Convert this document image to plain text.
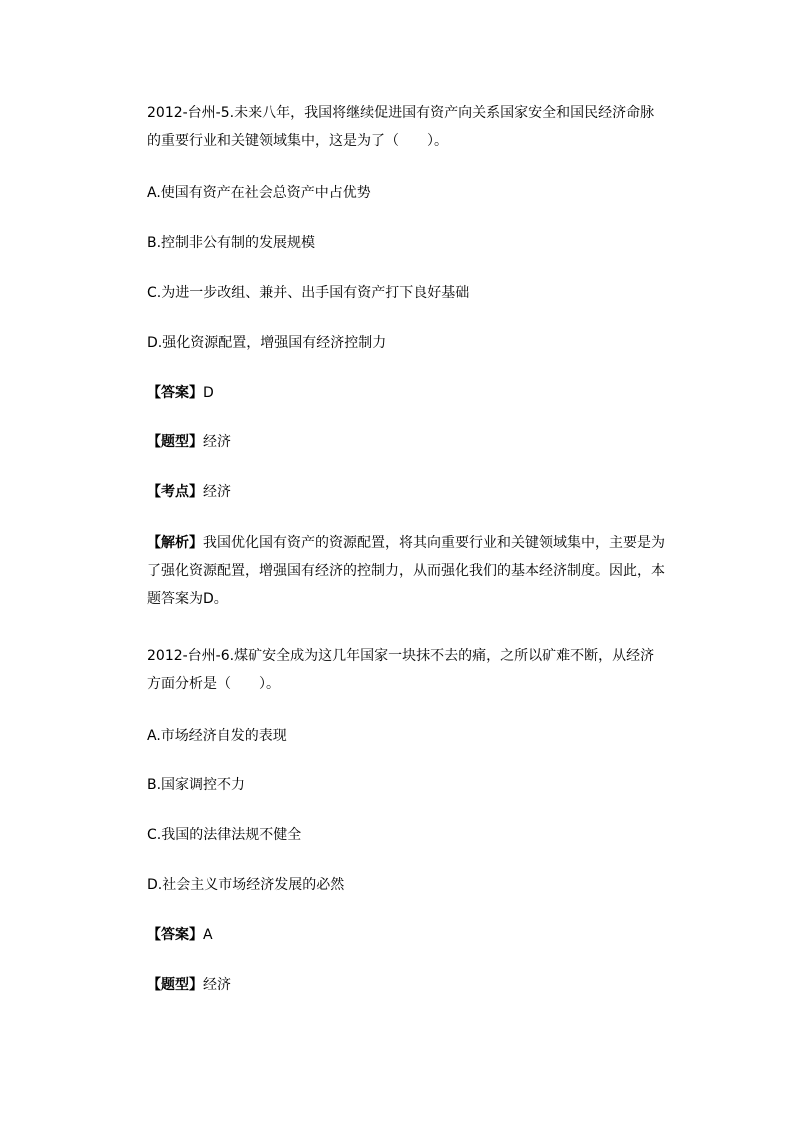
2012-台州-5.未来八年，我国将继续促进国有资产向关系国家安全和国民经济命脉的重要行业和关键领域集中，这是为了（　　）。

A.使国有资产在社会总资产中占优势

B.控制非公有制的发展规模

C.为进一步改组、兼并、出手国有资产打下良好基础

D.强化资源配置，增强国有经济控制力

【答案】D

【题型】经济

【考点】经济

【解析】我国优化国有资产的资源配置，将其向重要行业和关键领域集中，主要是为了强化资源配置，增强国有经济的控制力，从而强化我们的基本经济制度。因此，本题答案为D。

2012-台州-6.煤矿安全成为这几年国家一块抹不去的痛，之所以矿难不断，从经济方面分析是（　　）。

A.市场经济自发的表现

B.国家调控不力

C.我国的法律法规不健全

D.社会主义市场经济发展的必然

【答案】A

【题型】经济
